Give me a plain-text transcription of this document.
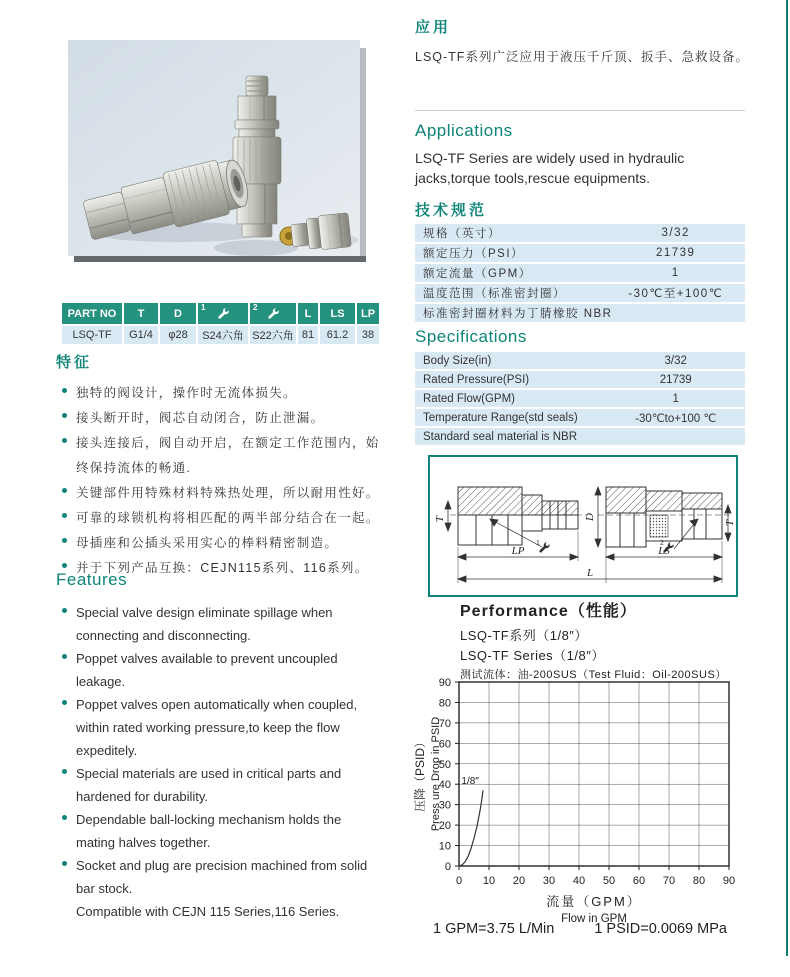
PART NO	T	D	1	2	L	LS	LP
LSQ-TF	G1/4	φ28	S24六角	S22六角	81	61.2	38
特征
独特的阀设计，操作时无流体损失。
接头断开时，阀芯自动闭合，防止泄漏。
接头连接后，阀自动开启，在额定工作范围内，始终保持流体的畅通.
关键部件用特殊材料特殊热处理，所以耐用性好。
可靠的球锁机构将相匹配的两半部分结合在一起。
母插座和公插头采用实心的棒料精密制造。
并于下列产品互换：CEJN115系列、116系列。
Features
Special valve design eliminate spillage when connecting and disconnecting.
Poppet valves available to prevent uncoupled leakage.
Poppet valves open automatically when coupled, within rated working pressure,to keep the flow expeditely.
Special materials are used in critical parts and hardened for durability.
Dependable ball-locking mechanism holds the mating halves together.
Socket and plug are precision machined from solid bar stock.
Compatible with CEJN 115 Series,116 Series.
应用
LSQ-TF系列广泛应用于液压千斤顶、扳手、急救设备。
Applications
LSQ-TF Series are widely used in hydraulic jacks,torque tools,rescue equipments.
技术规范
规格（英寸）	3/32
额定压力（PSI）	21739
额定流量（GPM）	1
温度范围（标准密封圈）	-30℃至+100℃
标准密封圈材料为丁腈橡胶 NBR	
Specifications
Body Size(in)	3/32
Rated Pressure(PSI)	21739
Rated Flow(GPM)	1
Temperature Range(std seals)	-30℃to+100 ℃
Standard seal material is NBR	
1	2
T	D
T
LP	LS
L
Performance（性能）
LSQ-TF系列（1/8″）
LSQ-TF Series（1/8″）
测试流体：油-200SUS（Test Fluid：Oil-200SUS）
0 10 20 30 40 50 60 70 80 90
0
10
20
30
40
50
60
70
80
90
1/8″
流量（GPM）
Flow in GPM
压降（PSID） Press ure Drop in PSID
1 GPM=3.75 L/Min	1 PSID=0.0069 MPa
